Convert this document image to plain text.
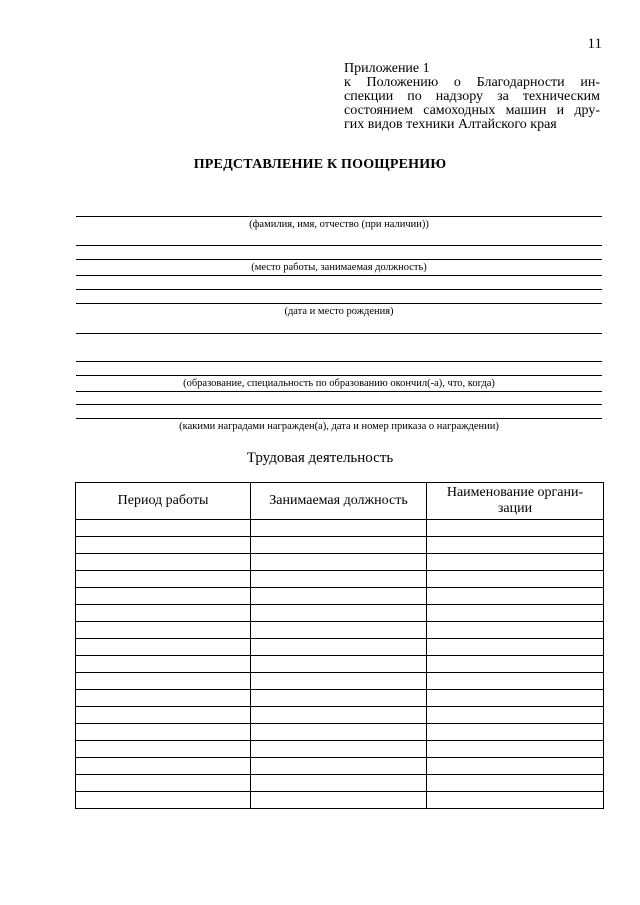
11
Приложение 1
к Положению о Благодарности ин-
спекции по надзору за техническим
состоянием самоходных машин и дру-
гих видов техники Алтайского края
ПРЕДСТАВЛЕНИЕ К ПООЩРЕНИЮ
(фамилия, имя, отчество (при наличии))
(место работы, занимаемая должность)
(дата и место рождения)
(образование, специальность по образованию окончил(-а), что, когда)
(какими наградами награжден(а), дата и номер приказа о награждении)
Трудовая деятельность
Период работы	Занимаемая должность	Наименование органи-
зации
